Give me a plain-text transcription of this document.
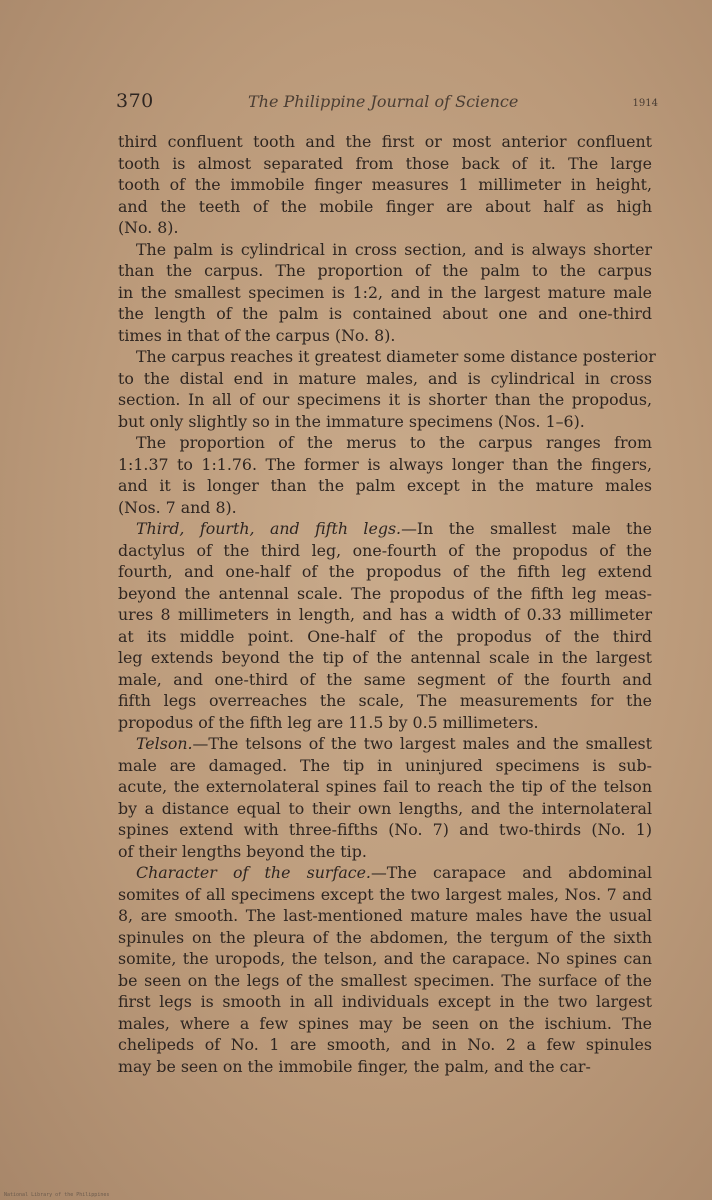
370	The Philippine Journal of Science	1914
third confluent tooth and the first or most anterior confluent
tooth is almost separated from those back of it. The large
tooth of the immobile finger measures 1 millimeter in height,
and the teeth of the mobile finger are about half as high
(No. 8).
The palm is cylindrical in cross section, and is always shorter
than the carpus. The proportion of the palm to the carpus
in the smallest specimen is 1:2, and in the largest mature male
the length of the palm is contained about one and one-third
times in that of the carpus (No. 8).
The carpus reaches it greatest diameter some distance posterior
to the distal end in mature males, and is cylindrical in cross
section. In all of our specimens it is shorter than the propodus,
but only slightly so in the immature specimens (Nos. 1–6).
The proportion of the merus to the carpus ranges from
1:1.37 to 1:1.76. The former is always longer than the fingers,
and it is longer than the palm except in the mature males
(Nos. 7 and 8).
Third, fourth, and fifth legs.—In the smallest male the
dactylus of the third leg, one-fourth of the propodus of the
fourth, and one-half of the propodus of the fifth leg extend
beyond the antennal scale. The propodus of the fifth leg meas-
ures 8 millimeters in length, and has a width of 0.33 millimeter
at its middle point. One-half of the propodus of the third
leg extends beyond the tip of the antennal scale in the largest
male, and one-third of the same segment of the fourth and
fifth legs overreaches the scale, The measurements for the
propodus of the fifth leg are 11.5 by 0.5 millimeters.
Telson.—The telsons of the two largest males and the smallest
male are damaged. The tip in uninjured specimens is sub-
acute, the externolateral spines fail to reach the tip of the telson
by a distance equal to their own lengths, and the internolateral
spines extend with three-fifths (No. 7) and two-thirds (No. 1)
of their lengths beyond the tip.
Character of the surface.—The carapace and abdominal
somites of all specimens except the two largest males, Nos. 7 and
8, are smooth. The last-mentioned mature males have the usual
spinules on the pleura of the abdomen, the tergum of the sixth
somite, the uropods, the telson, and the carapace. No spines can
be seen on the legs of the smallest specimen. The surface of the
first legs is smooth in all individuals except in the two largest
males, where a few spines may be seen on the ischium. The
chelipeds of No. 1 are smooth, and in No. 2 a few spinules
may be seen on the immobile finger, the palm, and the car-
National Library of the Philippines
